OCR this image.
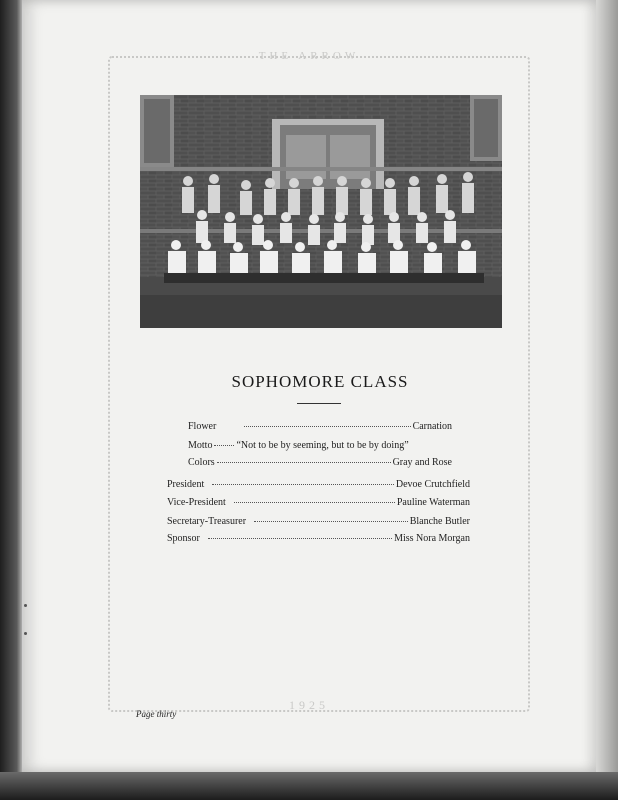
THE ARROW
SOPHOMORE CLASS
Flower	Carnation
Motto “Not to be by seeming, but to be by doing”
Colors	Gray and Rose
President	Devoe Crutchfield
Vice-President	Pauline Waterman
Secretary-Treasurer	Blanche Butler
Sponsor	Miss Nora Morgan
1925
Page thirty
